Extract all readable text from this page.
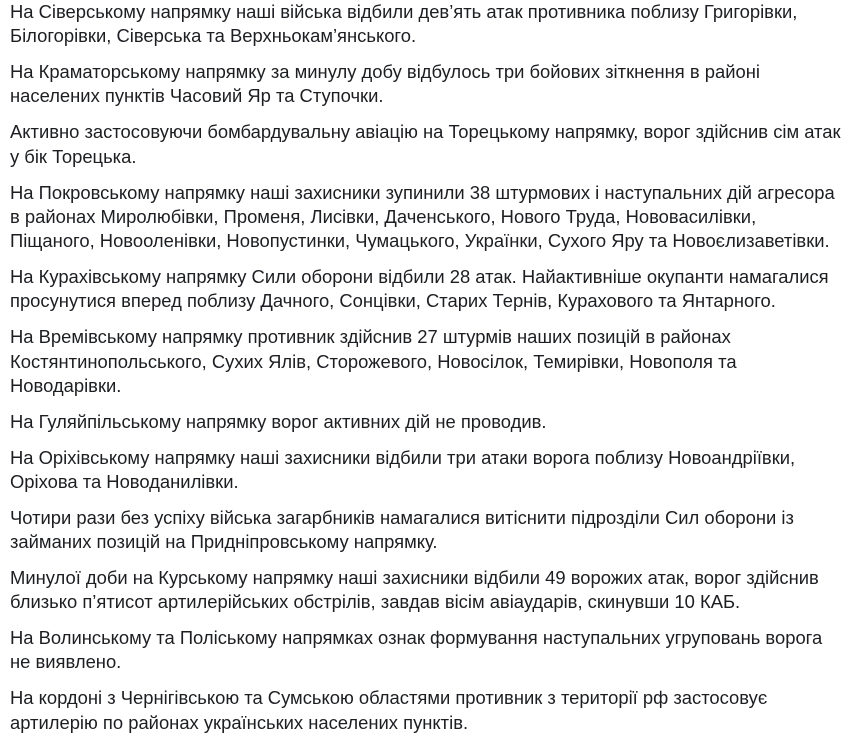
На Сіверському напрямку наші війська відбили дев’ять атак противника поблизу Григорівки, Білогорівки, Сіверська та Верхньокам’янського.

На Краматорському напрямку за минулу добу відбулось три бойових зіткнення в районі населених пунктів Часовий Яр та Ступочки.

Активно застосовуючи бомбардувальну авіацію на Торецькому напрямку, ворог здійснив сім атак у бік Торецька.

На Покровському напрямку наші захисники зупинили 38 штурмових і наступальних дій агресора в районах Миролюбівки, Променя, Лисівки, Даченського, Нового Труда, Нововасилівки, Піщаного, Новооленівки, Новопустинки, Чумацького, Українки, Сухого Яру та Новоєлизаветівки.

На Курахівському напрямку Сили оборони відбили 28 атак. Найактивніше окупанти намагалися просунутися вперед поблизу Дачного, Сонцівки, Старих Тернів, Курахового та Янтарного.

На Времівському напрямку противник здійснив 27 штурмів наших позицій в районах Костянтинопольського, Сухих Ялів, Сторожевого, Новосілок, Темирівки, Новополя та Новодарівки.

На Гуляйпільському напрямку ворог активних дій не проводив.

На Оріхівському напрямку наші захисники відбили три атаки ворога поблизу Новоандріївки, Оріхова та Новоданилівки.

Чотири рази без успіху війська загарбників намагалися витіснити підрозділи Сил оборони із займаних позицій на Придніпровському напрямку.

Минулої доби на Курському напрямку наші захисники відбили 49 ворожих атак, ворог здійснив близько п’ятисот артилерійських обстрілів, завдав вісім авіаударів, скинувши 10 КАБ.

На Волинському та Поліському напрямках ознак формування наступальних угруповань ворога не виявлено.

На кордоні з Чернігівською та Сумською областями противник з території рф застосовує артилерію по районах українських населених пунктів.
